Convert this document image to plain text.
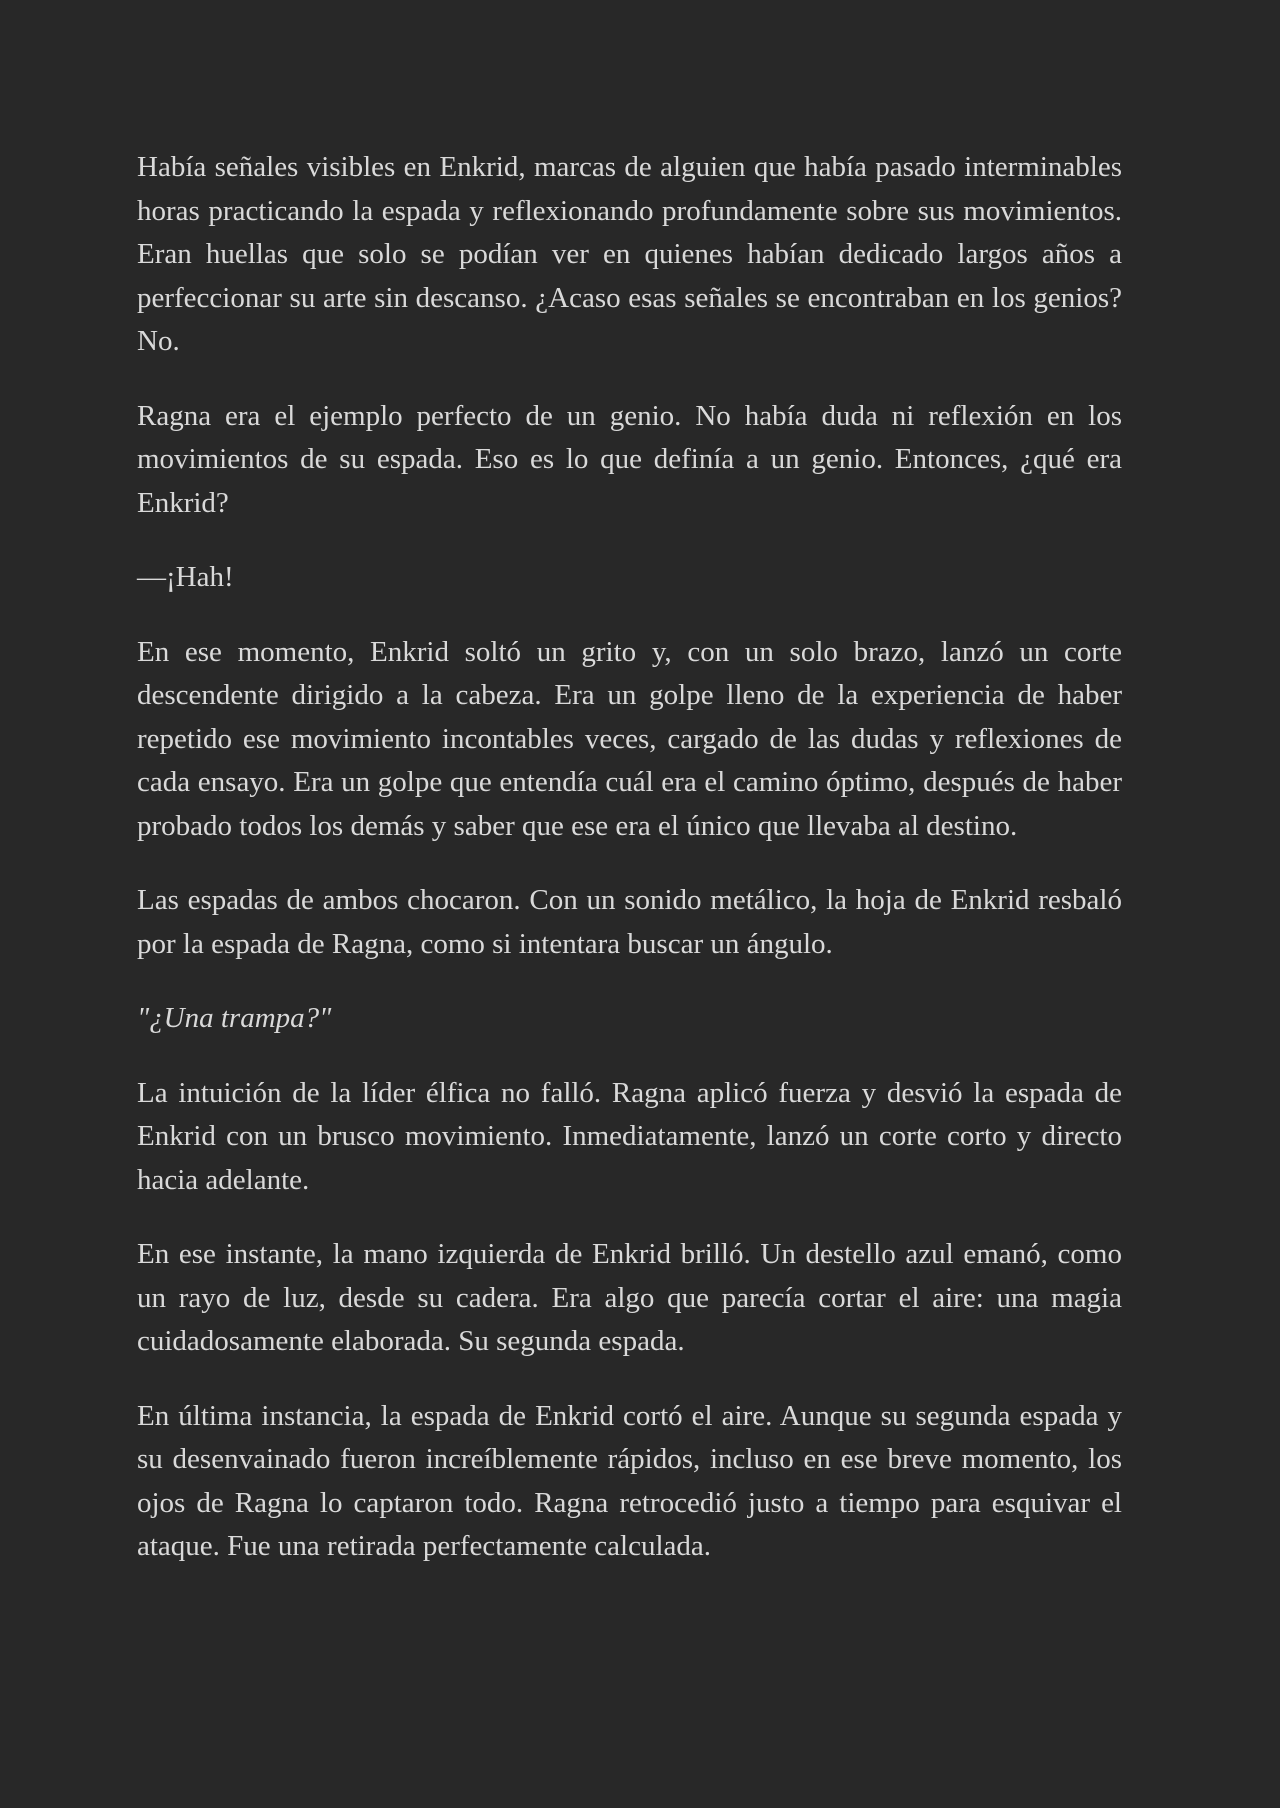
Había señales visibles en Enkrid, marcas de alguien que había pasado interminables horas practicando la espada y reflexionando profundamente sobre sus movimientos. Eran huellas que solo se podían ver en quienes habían dedicado largos años a perfeccionar su arte sin descanso. ¿Acaso esas señales se encontraban en los genios? No.

Ragna era el ejemplo perfecto de un genio. No había duda ni reflexión en los movimientos de su espada. Eso es lo que definía a un genio. Entonces, ¿qué era Enkrid?

—¡Hah!

En ese momento, Enkrid soltó un grito y, con un solo brazo, lanzó un corte descendente dirigido a la cabeza. Era un golpe lleno de la experiencia de haber repetido ese movimiento incontables veces, cargado de las dudas y reflexiones de cada ensayo. Era un golpe que entendía cuál era el camino óptimo, después de haber probado todos los demás y saber que ese era el único que llevaba al destino.

Las espadas de ambos chocaron. Con un sonido metálico, la hoja de Enkrid resbaló por la espada de Ragna, como si intentara buscar un ángulo.

"¿Una trampa?"

La intuición de la líder élfica no falló. Ragna aplicó fuerza y desvió la espada de Enkrid con un brusco movimiento. Inmediatamente, lanzó un corte corto y directo hacia adelante.

En ese instante, la mano izquierda de Enkrid brilló. Un destello azul emanó, como un rayo de luz, desde su cadera. Era algo que parecía cortar el aire: una magia cuidadosamente elaborada. Su segunda espada.

En última instancia, la espada de Enkrid cortó el aire. Aunque su segunda espada y su desenvainado fueron increíblemente rápidos, incluso en ese breve momento, los ojos de Ragna lo captaron todo. Ragna retrocedió justo a tiempo para esquivar el ataque. Fue una retirada perfectamente calculada.
